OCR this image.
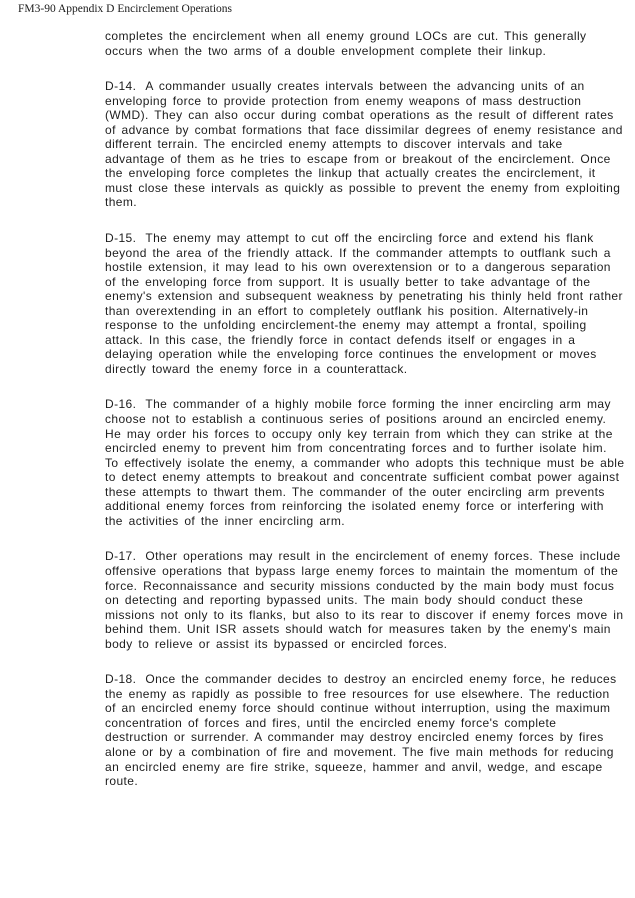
FM3-90 Appendix D Encirclement Operations

completes the encirclement when all enemy ground LOCs are cut. This generally occurs when the two arms of a double envelopment complete their linkup.

D-14. A commander usually creates intervals between the advancing units of an enveloping force to provide protection from enemy weapons of mass destruction (WMD). They can also occur during combat operations as the result of different rates of advance by combat formations that face dissimilar degrees of enemy resistance and different terrain. The encircled enemy attempts to discover intervals and take advantage of them as he tries to escape from or breakout of the encirclement. Once the enveloping force completes the linkup that actually creates the encirclement, it must close these intervals as quickly as possible to prevent the enemy from exploiting them.

D-15. The enemy may attempt to cut off the encircling force and extend his flank beyond the area of the friendly attack. If the commander attempts to outflank such a hostile extension, it may lead to his own overextension or to a dangerous separation of the enveloping force from support. It is usually better to take advantage of the enemy's extension and subsequent weakness by penetrating his thinly held front rather than overextending in an effort to completely outflank his position. Alternatively-in response to the unfolding encirclement-the enemy may attempt a frontal, spoiling attack. In this case, the friendly force in contact defends itself or engages in a delaying operation while the enveloping force continues the envelopment or moves directly toward the enemy force in a counterattack.

D-16. The commander of a highly mobile force forming the inner encircling arm may choose not to establish a continuous series of positions around an encircled enemy. He may order his forces to occupy only key terrain from which they can strike at the encircled enemy to prevent him from concentrating forces and to further isolate him. To effectively isolate the enemy, a commander who adopts this technique must be able to detect enemy attempts to breakout and concentrate sufficient combat power against these attempts to thwart them. The commander of the outer encircling arm prevents additional enemy forces from reinforcing the isolated enemy force or interfering with the activities of the inner encircling arm.

D-17. Other operations may result in the encirclement of enemy forces. These include offensive operations that bypass large enemy forces to maintain the momentum of the force. Reconnaissance and security missions conducted by the main body must focus on detecting and reporting bypassed units. The main body should conduct these missions not only to its flanks, but also to its rear to discover if enemy forces move in behind them. Unit ISR assets should watch for measures taken by the enemy's main body to relieve or assist its bypassed or encircled forces.

D-18. Once the commander decides to destroy an encircled enemy force, he reduces the enemy as rapidly as possible to free resources for use elsewhere. The reduction of an encircled enemy force should continue without interruption, using the maximum concentration of forces and fires, until the encircled enemy force's complete destruction or surrender. A commander may destroy encircled enemy forces by fires alone or by a combination of fire and movement. The five main methods for reducing an encircled enemy are fire strike, squeeze, hammer and anvil, wedge, and escape route.
